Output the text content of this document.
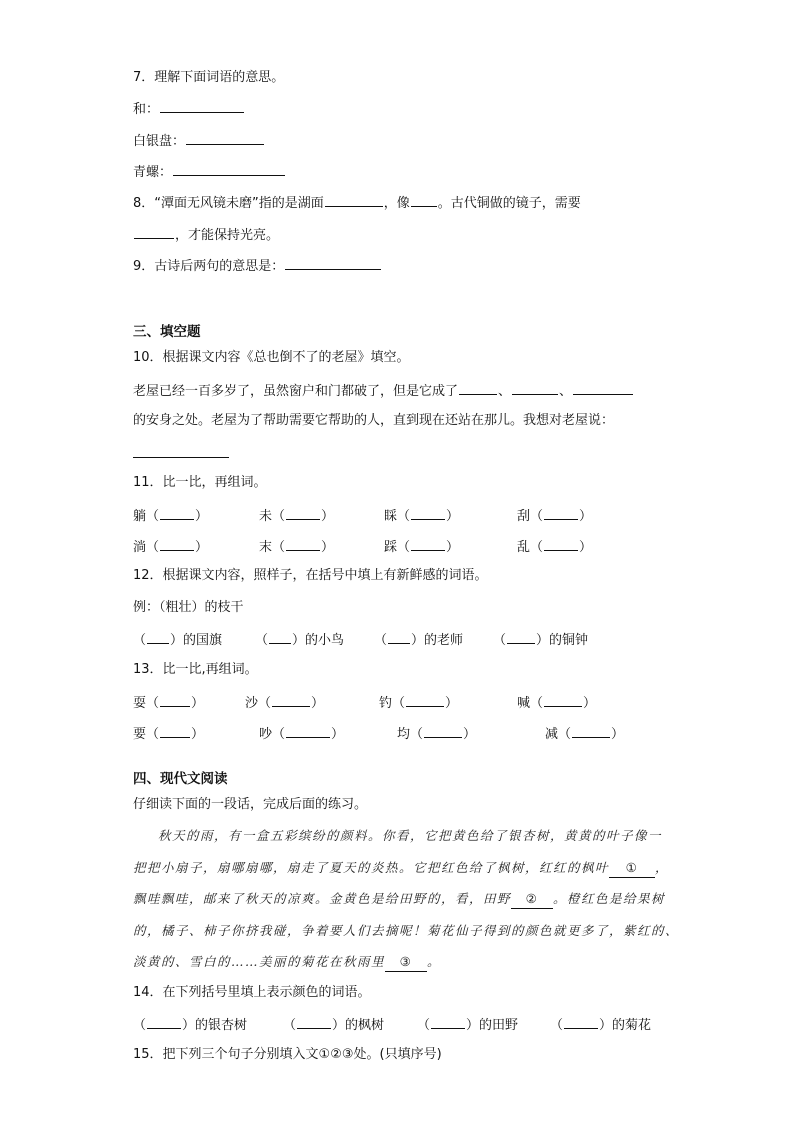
7．理解下面词语的意思。
和：
白银盘：
青螺：
8．“潭面无风镜未磨”指的是湖面	，像 。古代铜做的镜子，需要
，才能保持光亮。
9．古诗后两句的意思是：
三、填空题
10．根据课文内容《总也倒不了的老屋》填空。
老屋已经一百多岁了，虽然窗户和门都破了，但是它成了	、	、
的安身之处。老屋为了帮助需要它帮助的人，直到现在还站在那儿。我想对老屋说：
11．比一比，再组词。
躺（	）	未（	）	睬（	）	刮（	）
淌（	）	末（	）	踩（	）	乱（	）
12．根据课文内容，照样子，在括号中填上有新鲜感的词语。
例：（粗壮）的枝干
（ ）的国旗	（ ）的小鸟 （ ）的老师 （ ）的铜钟
13．比一比,再组词。
耍（ ）	沙（	）	钓（	）	喊（	）
要（ ）	吵（	）	均（	）	减（	）
四、现代文阅读
仔细读下面的一段话，完成后面的练习。
秋天的雨，有一盒五彩缤纷的颜料。你看，它把黄色给了银杏树，黄黄的叶子像一
把把小扇子，扇哪扇哪，扇走了夏天的炎热。它把红色给了枫树，红红的枫叶 ① ，
飘哇飘哇，邮来了秋天的凉爽。金黄色是给田野的，看，田野 ② 。橙红色是给果树
的，橘子、柿子你挤我碰，争着要人们去摘呢！菊花仙子得到的颜色就更多了，紫红的、
淡黄的、雪白的……美丽的菊花在秋雨里 ③ 。
14．在下列括号里填上表示颜色的词语。
（	）的银杏树	（	）的枫树	（	）的田野 （	）的菊花
15．把下列三个句子分别填入文①②③处。(只填序号)
